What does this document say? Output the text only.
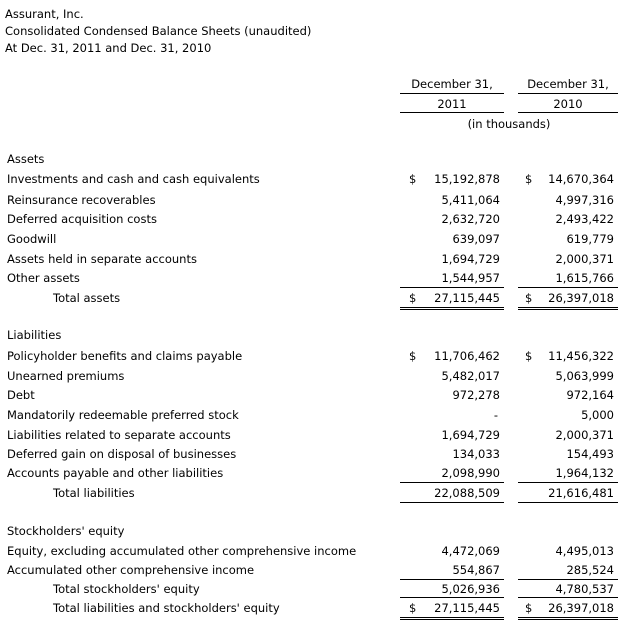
Assurant, Inc.
Consolidated Condensed Balance Sheets (unaudited)
At Dec. 31, 2011 and Dec. 31, 2010
December 31,	December 31,
2011	2010
(in thousands)
Assets
Investments and cash and cash equivalents	$ 15,192,878 $ 14,670,364
Reinsurance recoverables	5,411,064	4,997,316
Deferred acquisition costs	2,632,720	2,493,422
Goodwill	639,097	619,779
Assets held in separate accounts	1,694,729	2,000,371
Other assets	1,544,957	1,615,766
Total assets	$ 27,115,445 $ 26,397,018
Liabilities
Policyholder benefits and claims payable	$ 11,706,462 $ 11,456,322
Unearned premiums	5,482,017	5,063,999
Debt	972,278	972,164
Mandatorily redeemable preferred stock	-	5,000
Liabilities related to separate accounts	1,694,729	2,000,371
Deferred gain on disposal of businesses	134,033	154,493
Accounts payable and other liabilities	2,098,990	1,964,132
Total liabilities	22,088,509	21,616,481
Stockholders' equity
Equity, excluding accumulated other comprehensive income	4,472,069	4,495,013
Accumulated other comprehensive income	554,867	285,524
Total stockholders' equity	5,026,936	4,780,537
Total liabilities and stockholders' equity	$ 27,115,445 $ 26,397,018
